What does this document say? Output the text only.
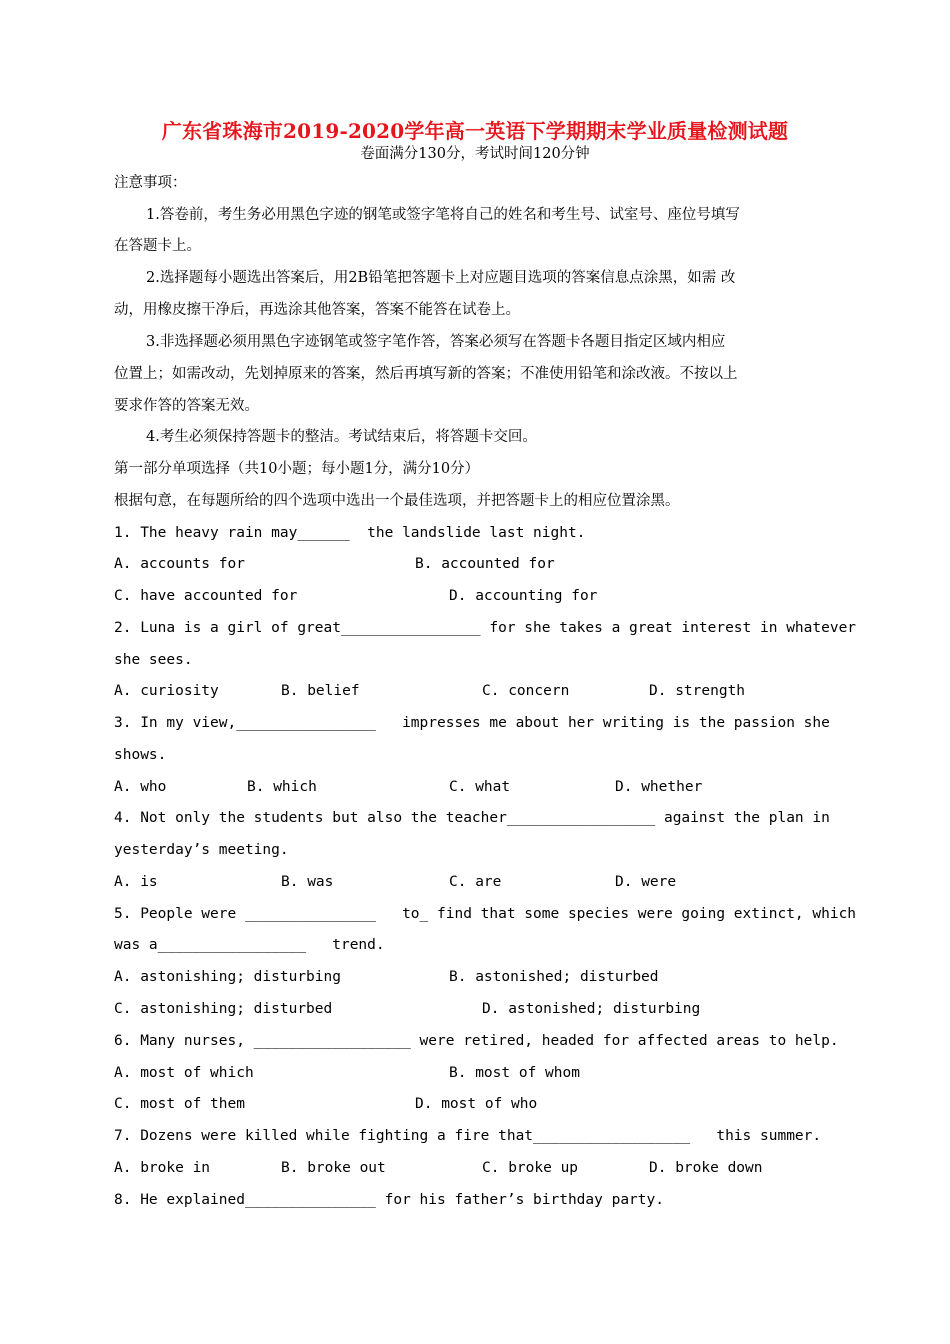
广东省珠海市2019-2020学年高一英语下学期期末学业质量检测试题
卷面满分130分，考试时间120分钟
注意事项：
1.答卷前，考生务必用黑色字迹的钢笔或签字笔将自己的姓名和考生号、试室号、座位号填写
在答题卡上。
2.选择题每小题选出答案后，用2B铅笔把答题卡上对应题目选项的答案信息点涂黑，如需 改
动，用橡皮擦干净后，再选涂其他答案，答案不能答在试卷上。
3.非选择题必须用黑色字迹钢笔或签字笔作答，答案必须写在答题卡各题目指定区域内相应
位置上；如需改动，先划掉原来的答案，然后再填写新的答案；不准使用铅笔和涂改液。不按以上
要求作答的答案无效。
4.考生必须保持答题卡的整洁。考试结束后，将答题卡交回。
第一部分单项选择（共10小题；每小题1分，满分10分）
根据句意，在每题所给的四个选项中选出一个最佳选项，并把答题卡上的相应位置涂黑。
1. The heavy rain may______  the landslide last night.
A. accounts for	B. accounted for
C. have accounted for	D. accounting for
2. Luna is a girl of great________________ for she takes a great interest in whatever
she sees.
A. curiosity	B. belief	C. concern	D. strength
3. In my view,________________   impresses me about her writing is the passion she
shows.
A. who	B. which	C. what	D. whether
4. Not only the students but also the teacher_________________ against the plan in
yesterday’s meeting.
A. is	B. was	C. are	D. were
5. People were _______________   to_ find that some species were going extinct, which
was a_________________   trend.
A. astonishing; disturbing	B. astonished; disturbed
C. astonishing; disturbed	D. astonished; disturbing
6. Many nurses, __________________ were retired, headed for affected areas to help.
A. most of which	B. most of whom
C. most of them	D. most of who
7. Dozens were killed while fighting a fire that__________________   this summer.
A. broke in	B. broke out	C. broke up	D. broke down
8. He explained_______________ for his father’s birthday party.
